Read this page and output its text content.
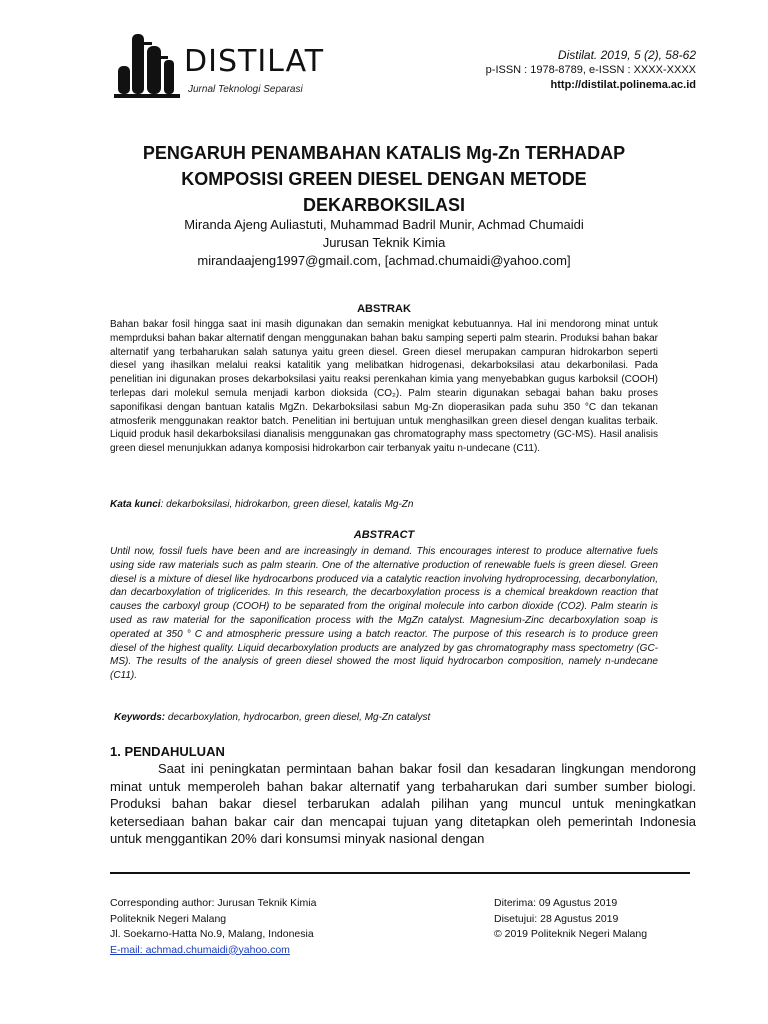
DISTILAT
Jurnal Teknologi Separasi
Distilat. 2019, 5 (2), 58-62
p-ISSN : 1978-8789, e-ISSN : XXXX-XXXX
http://distilat.polinema.ac.id
PENGARUH PENAMBAHAN KATALIS Mg-Zn TERHADAP KOMPOSISI GREEN DIESEL DENGAN METODE DEKARBOKSILASI
Miranda Ajeng Auliastuti, Muhammad Badril Munir, Achmad Chumaidi
Jurusan Teknik Kimia
mirandaajeng1997@gmail.com, [achmad.chumaidi@yahoo.com]
ABSTRAK
Bahan bakar fosil hingga saat ini masih digunakan dan semakin menigkat kebutuannya. Hal ini mendorong minat untuk memprduksi bahan bakar alternatif dengan menggunakan bahan baku samping seperti palm stearin. Produksi bahan bakar alternatif yang terbaharukan salah satunya yaitu green diesel. Green diesel merupakan campuran hidrokarbon seperti diesel yang ihasilkan melalui reaksi katalitik yang melibatkan hidrogenasi, dekarboksilasi atau dekarbonilasi. Pada penelitian ini digunakan proses dekarboksilasi yaitu reaksi perenkahan kimia yang menyebabkan gugus karboksil (COOH) terlepas dari molekul semula menjadi karbon dioksida (CO₂). Palm stearin digunakan sebagai bahan baku proses saponifikasi dengan bantuan katalis MgZn. Dekarboksilasi sabun Mg-Zn dioperasikan pada suhu 350 °C dan tekanan atmosferik menggunakan reaktor batch. Penelitian ini bertujuan untuk menghasilkan green diesel dengan kualitas terbaik. Liquid produk hasil dekarboksilasi dianalisis menggunakan gas chromatography mass spectometry (GC-MS). Hasil analisis green diesel menunjukkan adanya komposisi hidrokarbon cair terbanyak yaitu n-undecane (C11).
Kata kunci: dekarboksilasi, hidrokarbon, green diesel, katalis Mg-Zn
ABSTRACT
Until now, fossil fuels have been and are increasingly in demand. This encourages interest to produce alternative fuels using side raw materials such as palm stearin. One of the alternative production of renewable fuels is green diesel. Green diesel is a mixture of diesel like hydrocarbons produced via a catalytic reaction involving hydroprocessing, decarbonylation, dan decarboxylation of triglicerides. In this research, the decarboxylation process is a chemical breakdown reaction that causes the carboxyl group (COOH) to be separated from the original molecule into carbon dioxide (CO2). Palm stearin is used as raw material for the saponification process with the MgZn catalyst. Magnesium-Zinc decarboxylation soap is operated at 350 ° C and atmospheric pressure using a batch reactor. The purpose of this research is to produce green diesel of the highest quality. Liquid decarboxylation products are analyzed by gas chromatography mass spectometry (GC-MS). The results of the analysis of green diesel showed the most liquid hydrocarbon composition, namely n-undecane (C11).
Keywords: decarboxylation, hydrocarbon, green diesel, Mg-Zn catalyst
1. PENDAHULUAN
Saat ini peningkatan permintaan bahan bakar fosil dan kesadaran lingkungan mendorong minat untuk memperoleh bahan bakar alternatif yang terbaharukan dari sumber sumber biologi. Produksi bahan bakar diesel terbarukan adalah pilihan yang muncul untuk meningkatkan ketersediaan bahan bakar cair dan mencapai tujuan yang ditetapkan oleh pemerintah Indonesia untuk menggantikan 20% dari konsumsi minyak nasional dengan
Corresponding author: Jurusan Teknik Kimia
Politeknik Negeri Malang
Jl. Soekarno-Hatta No.9, Malang, Indonesia
E-mail: achmad.chumaidi@yahoo.com
Diterima: 09 Agustus 2019
Disetujui: 28 Agustus 2019
© 2019 Politeknik Negeri Malang
